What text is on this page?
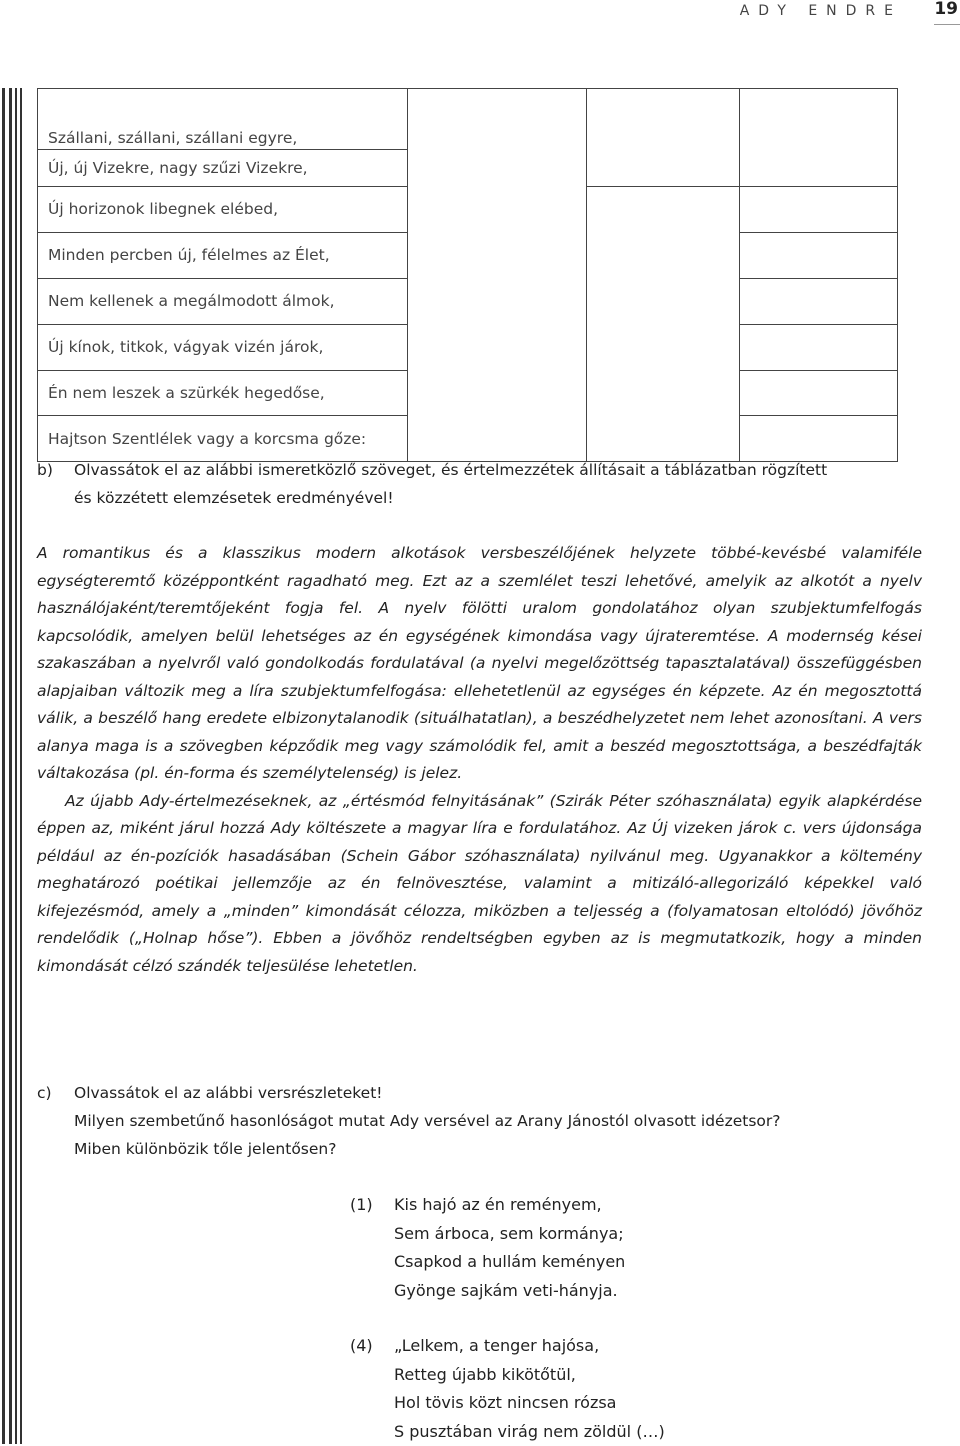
ADY ENDRE 19
Szállani, szállani, szállani egyre,			
Új, új Vizekre, nagy szűzi Vizekre,			
Új horizonok libegnek elébed,			
Minden percben új, félelmes az Élet,			
Nem kellenek a megálmodott álmok,			
Új kínok, titkok, vágyak vizén járok,			
Én nem leszek a szürkék hegedőse,			
Hajtson Szentlélek vagy a korcsma gőze:			
b) Olvassátok el az alábbi ismeretközlő szöveget, és értelmezzétek állításait a táblázatban rögzített
és közzétett elemzésetek eredményével!

A romantikus és a klasszikus modern alkotások versbeszélőjének helyzete többé-kevésbé valamiféle egységteremtő középpontként ragadható meg. Ezt az a szemlélet teszi lehetővé, amelyik az alkotót a nyelv használójaként/teremtőjeként fogja fel. A nyelv fölötti uralom gondolatához olyan szubjektumfelfogás kapcsolódik, amelyen belül lehetséges az én egységének kimondása vagy újrateremtése. A modernség kései szakaszában a nyelvről való gondolkodás fordulatával (a nyelvi megelőzöttség tapasztalatával) összefüggésben alapjaiban változik meg a líra szubjektumfelfogása: ellehetetlenül az egységes én képzete. Az én megosztottá válik, a beszélő hang eredete elbizonytalanodik (situálhatatlan), a beszédhelyzetet nem lehet azonosítani. A vers alanya maga is a szövegben képződik meg vagy számolódik fel, amit a beszéd megosztottsága, a beszédfajták váltakozása (pl. én-forma és személytelenség) is jelez.

Az újabb Ady-értelmezéseknek, az „értésmód felnyitásának” (Szirák Péter szóhasználata) egyik alapkérdése éppen az, miként járul hozzá Ady költészete a magyar líra e fordulatához. Az Új vizeken járok c. vers újdonsága például az én-pozíciók hasadásában (Schein Gábor szóhasználata) nyilvánul meg. Ugyanakkor a költemény meghatározó poétikai jellemzője az én felnövesztése, valamint a mitizáló-allegorizáló képekkel való kifejezésmód, amely a „minden” kimondását célozza, miközben a teljesség a (folyamatosan eltolódó) jövőhöz rendelődik („Holnap hőse”). Ebben a jövőhöz rendeltségben egyben az is megmutatkozik, hogy a minden kimondását célzó szándék teljesülése lehetetlen.

c) Olvassátok el az alábbi versrészleteket!
Milyen szembetűnő hasonlóságot mutat Ady versével az Arany Jánostól olvasott idézetsor?
Miben különbözik tőle jelentősen?
(1) Kis hajó az én reményem,
Sem árboca, sem kormánya;
Csapkod a hullám keményen
Gyönge sajkám veti-hányja.
(4) „Lelkem, a tenger hajósa,
Retteg újabb kikötőtül,
Hol tövis közt nincsen rózsa
S pusztában virág nem zöldül (…)
